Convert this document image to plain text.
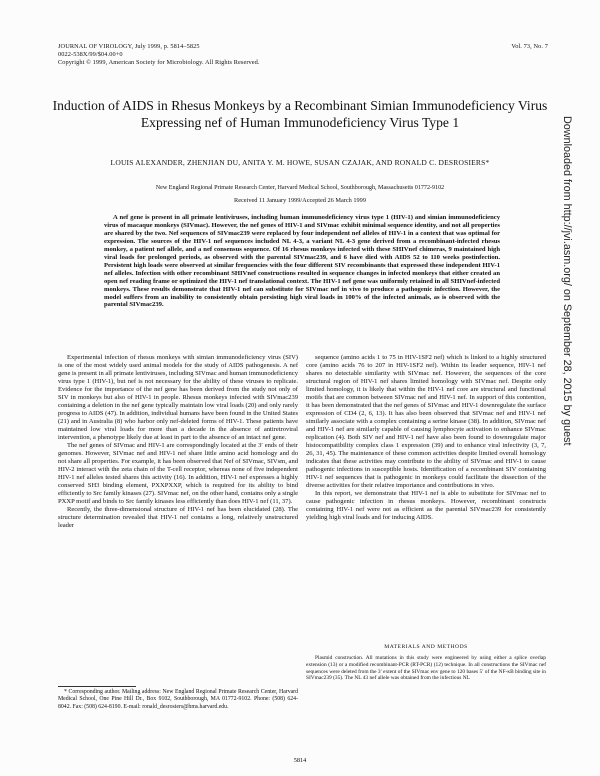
JOURNAL OF VIROLOGY, July 1999, p. 5814–5825
0022-538X/99/$04.00+0
Copyright © 1999, American Society for Microbiology. All Rights Reserved.
Vol. 73, No. 7
Induction of AIDS in Rhesus Monkeys by a Recombinant Simian Immunodeficiency Virus Expressing nef of Human Immunodeficiency Virus Type 1
LOUIS ALEXANDER, ZHENJIAN DU, ANITA Y. M. HOWE, SUSAN CZAJAK, AND RONALD C. DESROSIERS*
New England Regional Primate Research Center, Harvard Medical School, Southborough, Massachusetts 01772-9102
Received 11 January 1999/Accepted 26 March 1999
A nef gene is present in all primate lentiviruses, including human immunodeficiency virus type 1 (HIV-1) and simian immunodeficiency virus of macaque monkeys (SIVmac). However, the nef genes of HIV-1 and SIVmac exhibit minimal sequence identity, and not all properties are shared by the two. Nef sequences of SIVmac239 were replaced by four independent nef alleles of HIV-1 in a context that was optimal for expression. The sources of the HIV-1 nef sequences included NL 4-3, a variant NL 4-3 gene derived from a recombinant-infected rhesus monkey, a patient nef allele, and a nef consensus sequence. Of 16 rhesus monkeys infected with these SHIVnef chimeras, 9 maintained high viral loads for prolonged periods, as observed with the parental SIVmac239, and 6 have died with AIDS 52 to 110 weeks postinfection. Persistent high loads were observed at similar frequencies with the four different SIV recombinants that expressed these independent HIV-1 nef alleles. Infection with other recombinant SHIVnef constructions resulted in sequence changes in infected monkeys that either created an open nef reading frame or optimized the HIV-1 nef translational context. The HIV-1 nef gene was uniformly retained in all SHIVnef-infected monkeys. These results demonstrate that HIV-1 nef can substitute for SIVmac nef in vivo to produce a pathogenic infection. However, the model suffers from an inability to consistently obtain persisting high viral loads in 100% of the infected animals, as is observed with the parental SIVmac239.

Experimental infection of rhesus monkeys with simian immunodeficiency virus (SIV) is one of the most widely used animal models for the study of AIDS pathogenesis. A nef gene is present in all primate lentiviruses, including SIVmac and human immunodeficiency virus type 1 (HIV-1), but nef is not necessary for the ability of these viruses to replicate. Evidence for the importance of the nef gene has been derived from the study not only of SIV in monkeys but also of HIV-1 in people. Rhesus monkeys infected with SIVmac239 containing a deletion in the nef gene typically maintain low viral loads (20) and only rarely progress to AIDS (47). In addition, individual humans have been found in the United States (21) and in Australia (8) who harbor only nef-deleted forms of HIV-1. These patients have maintained low viral loads for more than a decade in the absence of antiretroviral intervention, a phenotype likely due at least in part to the absence of an intact nef gene.

The nef genes of SIVmac and HIV-1 are correspondingly located at the 3′ ends of their genomes. However, SIVmac nef and HIV-1 nef share little amino acid homology and do not share all properties. For example, it has been observed that Nef of SIVmac, SIVsm, and HIV-2 interact with the zeta chain of the T-cell receptor, whereas none of five independent HIV-1 nef alleles tested shares this activity (16). In addition, HIV-1 nef expresses a highly conserved SH3 binding element, PXXPXXP, which is required for its ability to bind efficiently to Src family kinases (27). SIVmac nef, on the other hand, contains only a single PXXP motif and binds to Src family kinases less efficiently than does HIV-1 nef (11, 37).

Recently, the three-dimensional structure of HIV-1 nef has been elucidated (28). The structure determination revealed that HIV-1 nef contains a long, relatively unstructured leader

sequence (amino acids 1 to 75 in HIV-1SF2 nef) which is linked to a highly structured core (amino acids 76 to 207 in HIV-1SF2 nef). Within its leader sequence, HIV-1 nef shares no detectable similarity with SIVmac nef. However, the sequences of the core structural region of HIV-1 nef shares limited homology with SIVmac nef. Despite only limited homology, it is likely that within the HIV-1 nef core are structural and functional motifs that are common between SIVmac nef and HIV-1 nef. In support of this contention, it has been demonstrated that the nef genes of SIVmac and HIV-1 downregulate the surface expression of CD4 (2, 6, 13). It has also been observed that SIVmac nef and HIV-1 nef similarly associate with a complex containing a serine kinase (38). In addition, SIVmac nef and HIV-1 nef are similarly capable of causing lymphocyte activation to enhance SIVmac replication (4). Both SIV nef and HIV-1 nef have also been found to downregulate major histocompatibility complex class 1 expression (39) and to enhance viral infectivity (3, 7, 26, 31, 45). The maintenance of these common activities despite limited overall homology indicates that these activities may contribute to the ability of SIVmac and HIV-1 to cause pathogenic infections in susceptible hosts. Identification of a recombinant SIV containing HIV-1 nef sequences that is pathogenic in monkeys could facilitate the dissection of the diverse activities for their relative importance and contributions in vivo.

In this report, we demonstrate that HIV-1 nef is able to substitute for SIVmac nef to cause pathogenic infection in rhesus monkeys. However, recombinant constructs containing HIV-1 nef were not as efficient as the parental SIVmac239 for consistently yielding high viral loads and for inducing AIDS.

MATERIALS AND METHODS
Plasmid construction. All mutations in this study were engineered by using either a splice overlap extension (13) or a modified recombinant-PCR (RT-PCR) (12) technique. In all constructions the SIVmac nef sequences were deleted from the 3′ extent of the SIVmac env gene to 120 bases 5′ of the NF-κB binding site in SIVmac239 (35). The NL 43 nef allele was obtained from the infectious NL
* Corresponding author. Mailing address: New England Regional Primate Research Center, Harvard Medical School, One Pine Hill Dr., Box 9102, Southborough, MA 01772-9102. Phone: (508) 624-8042. Fax: (508) 624-8190. E-mail: ronald_desrosiers@hms.harvard.edu.
5814
Downloaded from http://jvi.asm.org/ on September 28, 2015 by guest
